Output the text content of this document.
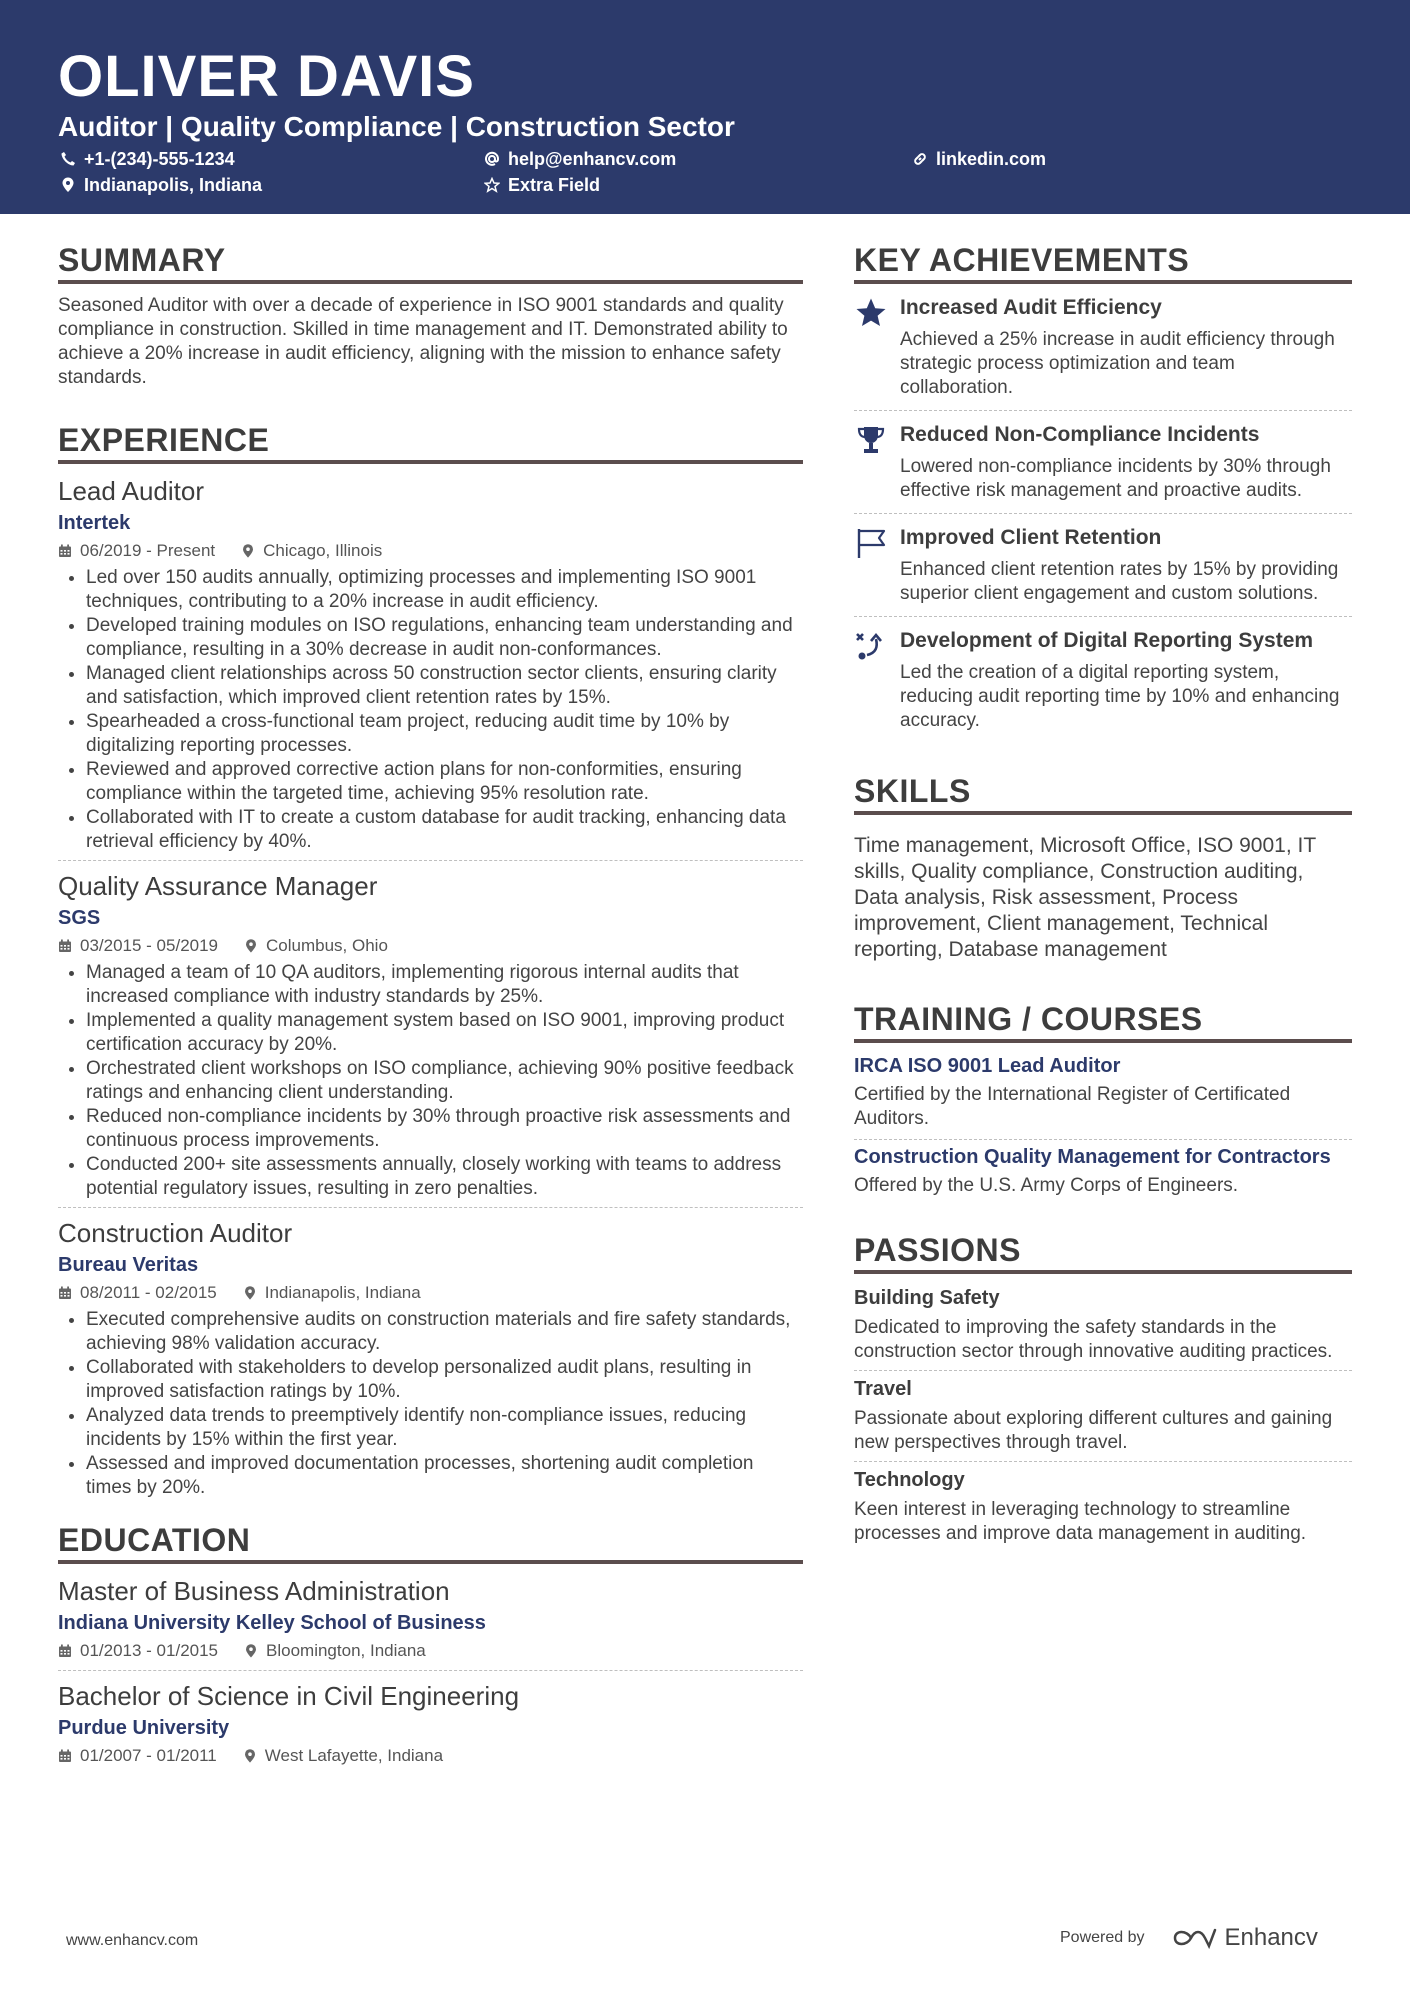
OLIVER DAVIS
Auditor | Quality Compliance | Construction Sector
+1-(234)-555-1234	help@enhancv.com	linkedin.com
Indianapolis, Indiana	Extra Field
SUMMARY
Seasoned Auditor with over a decade of experience in ISO 9001 standards and quality compliance in construction. Skilled in time management and IT. Demonstrated ability to achieve a 20% increase in audit efficiency, aligning with the mission to enhance safety standards.
EXPERIENCE
Lead Auditor
Intertek
06/2019 - Present	Chicago, Illinois
• Led over 150 audits annually, optimizing processes and implementing ISO 9001 techniques, contributing to a 20% increase in audit efficiency.
• Developed training modules on ISO regulations, enhancing team understanding and compliance, resulting in a 30% decrease in audit non-conformances.
• Managed client relationships across 50 construction sector clients, ensuring clarity and satisfaction, which improved client retention rates by 15%.
• Spearheaded a cross-functional team project, reducing audit time by 10% by digitalizing reporting processes.
• Reviewed and approved corrective action plans for non-conformities, ensuring compliance within the targeted time, achieving 95% resolution rate.
• Collaborated with IT to create a custom database for audit tracking, enhancing data retrieval efficiency by 40%.
Quality Assurance Manager
SGS
03/2015 - 05/2019	Columbus, Ohio
• Managed a team of 10 QA auditors, implementing rigorous internal audits that increased compliance with industry standards by 25%.
• Implemented a quality management system based on ISO 9001, improving product certification accuracy by 20%.
• Orchestrated client workshops on ISO compliance, achieving 90% positive feedback ratings and enhancing client understanding.
• Reduced non-compliance incidents by 30% through proactive risk assessments and continuous process improvements.
• Conducted 200+ site assessments annually, closely working with teams to address potential regulatory issues, resulting in zero penalties.
Construction Auditor
Bureau Veritas
08/2011 - 02/2015	Indianapolis, Indiana
• Executed comprehensive audits on construction materials and fire safety standards, achieving 98% validation accuracy.
• Collaborated with stakeholders to develop personalized audit plans, resulting in improved satisfaction ratings by 10%.
• Analyzed data trends to preemptively identify non-compliance issues, reducing incidents by 15% within the first year.
• Assessed and improved documentation processes, shortening audit completion times by 20%.
EDUCATION
Master of Business Administration
Indiana University Kelley School of Business
01/2013 - 01/2015	Bloomington, Indiana
Bachelor of Science in Civil Engineering
Purdue University
01/2007 - 01/2011	West Lafayette, Indiana
KEY ACHIEVEMENTS
Increased Audit Efficiency
Achieved a 25% increase in audit efficiency through strategic process optimization and team collaboration.
Reduced Non-Compliance Incidents
Lowered non-compliance incidents by 30% through effective risk management and proactive audits.
Improved Client Retention
Enhanced client retention rates by 15% by providing superior client engagement and custom solutions.
Development of Digital Reporting System
Led the creation of a digital reporting system, reducing audit reporting time by 10% and enhancing accuracy.
SKILLS
Time management, Microsoft Office, ISO 9001, IT skills, Quality compliance, Construction auditing, Data analysis, Risk assessment, Process improvement, Client management, Technical reporting, Database management
TRAINING / COURSES
IRCA ISO 9001 Lead Auditor
Certified by the International Register of Certificated Auditors.
Construction Quality Management for Contractors
Offered by the U.S. Army Corps of Engineers.
PASSIONS
Building Safety
Dedicated to improving the safety standards in the construction sector through innovative auditing practices.
Travel
Passionate about exploring different cultures and gaining new perspectives through travel.
Technology
Keen interest in leveraging technology to streamline processes and improve data management in auditing.
www.enhancv.com	Powered by	Enhancv
